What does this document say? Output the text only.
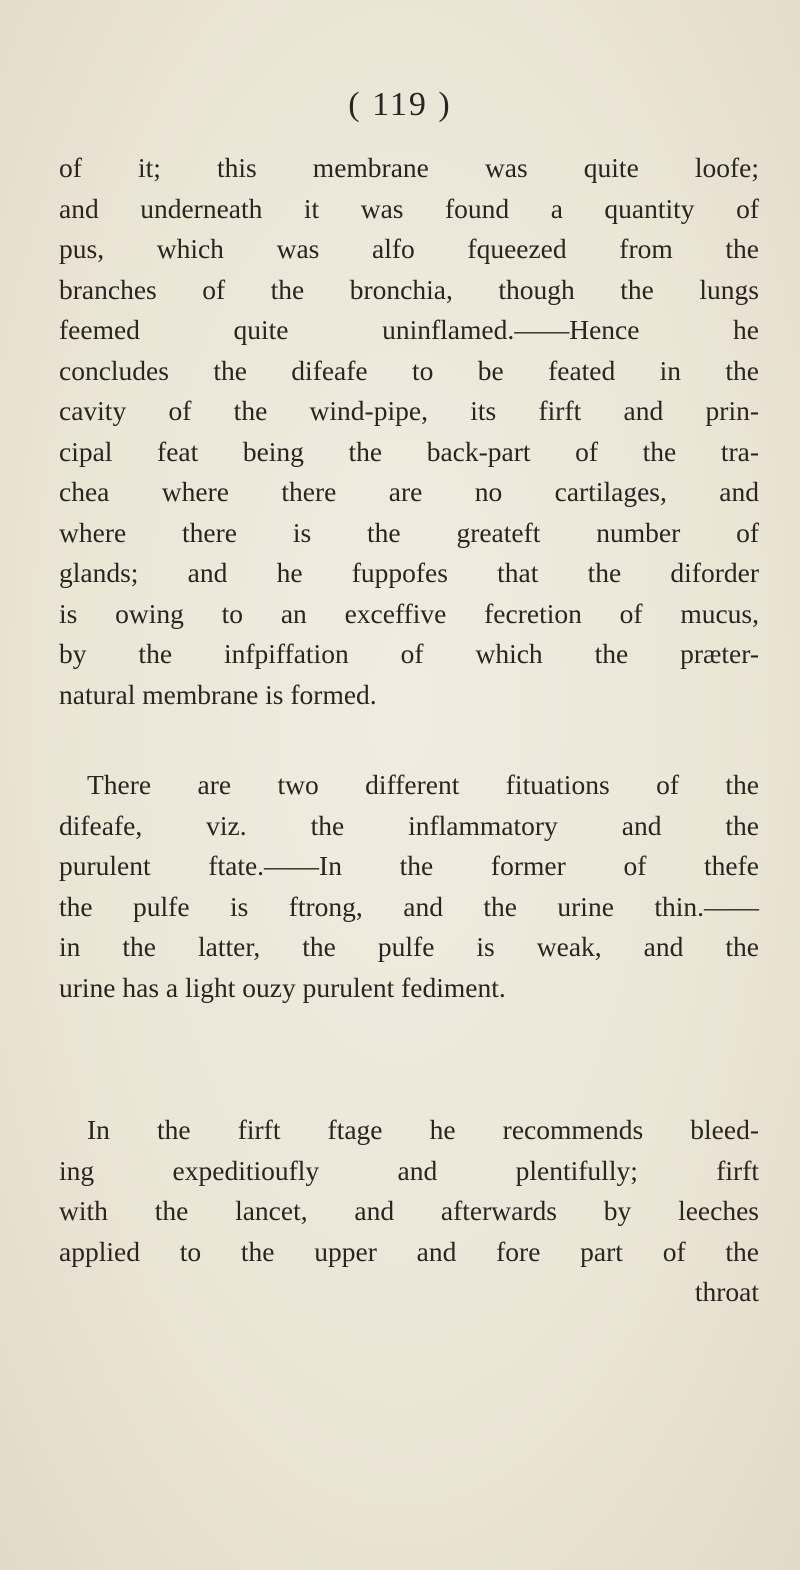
( 119 )
of it; this membrane was quite loofe;
and underneath it was found a quantity of
pus, which was alfo fqueezed from the
branches of the bronchia, though the lungs
feemed quite uninflamed.——Hence he
concludes the difeafe to be feated in the
cavity of the wind-pipe, its firft and prin-
cipal feat being the back-part of the tra-
chea where there are no cartilages, and
where there is the greateft number of
glands; and he fuppofes that the diforder
is owing to an exceffive fecretion of mucus,
by the infpiffation of which the præter-
natural membrane is formed.
There are two different fituations of the
difeafe, viz. the inflammatory and the
purulent ftate.——In the former of thefe
the pulfe is ftrong, and the urine thin.——
in the latter, the pulfe is weak, and the
urine has a light ouzy purulent fediment.
In the firft ftage he recommends bleed-
ing expeditioufly and plentifully; firft
with the lancet, and afterwards by leeches
applied to the upper and fore part of the
throat
